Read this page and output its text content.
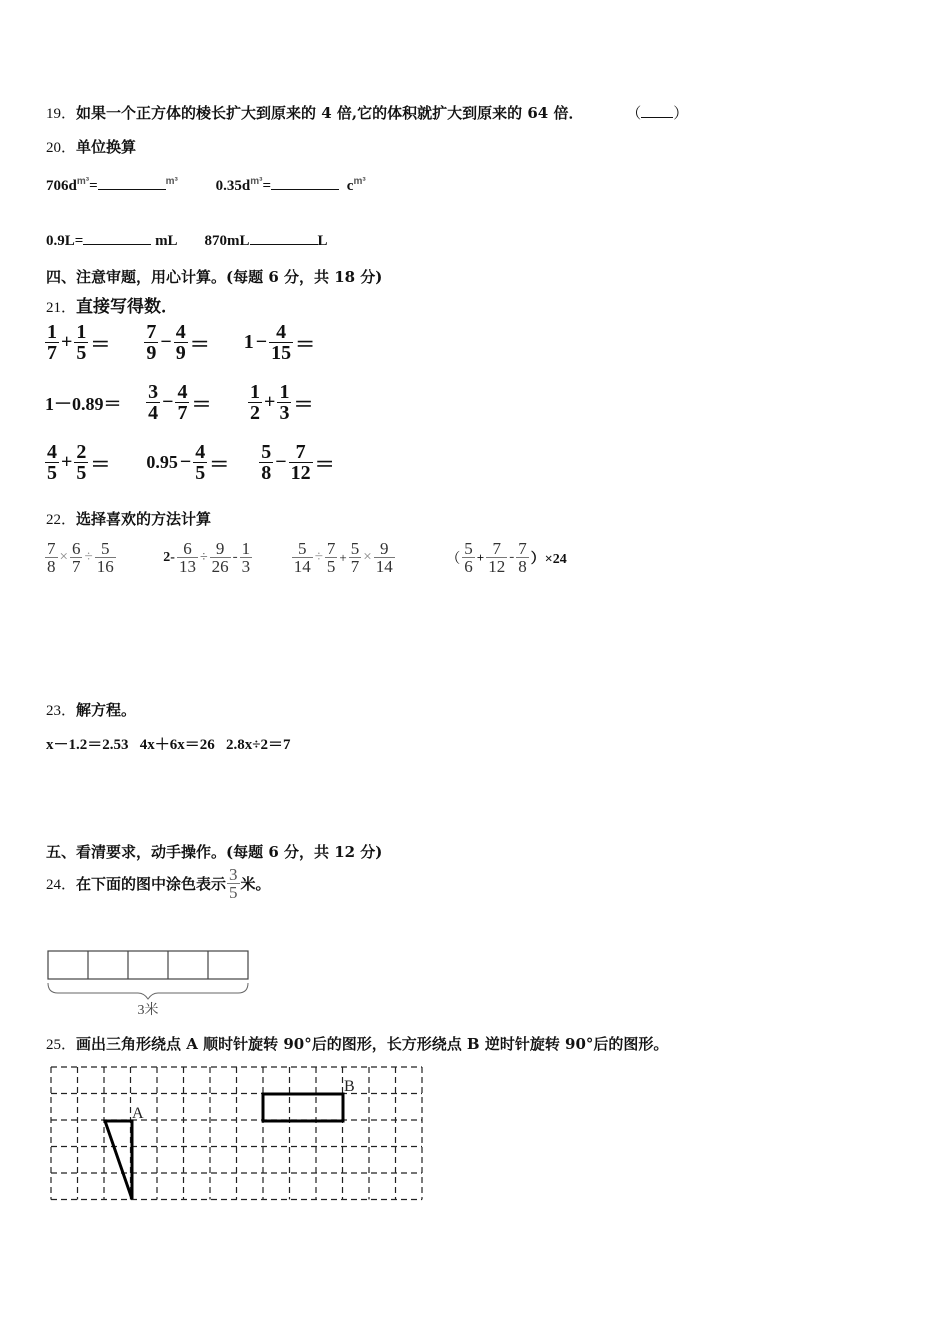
19．如果一个正方体的棱长扩大到原来的 4 倍,它的体积就扩大到原来的 64 倍．	（ ）
20．单位换算
$706d^{m^3}=$	$^{m^3}$	$0.35d^{m^3}=$	$c^{m^3}$
0.9L=	mL 870mL	L
四、注意审题，用心计算。(每题 6 分，共 18 分)
21．直接写得数．
$\frac{1}{7} + \frac{1}{5} = \frac{7}{9} - \frac{4}{9} = 1 - \frac{4}{15}$ ＝
$1-0.89= \frac{3}{4} - \frac{4}{7} = \frac{1}{2} + \frac{1}{3}$ ＝
$\frac{4}{5} + \frac{2}{5} = 0.95 - \frac{4}{5} = \frac{5}{8} - \frac{7}{12}$ ＝
22．选择喜欢的方法计算
$\frac{7}{8} \times \frac{6}{7} \div \frac{5}{16}$	$2- \frac{6}{13} \div \frac{9}{26} - \frac{1}{3}$
$\frac{5}{14} \div \frac{7}{5} + \frac{5}{7} \times \frac{9}{14}$	（ $\frac{5}{6} + \frac{7}{12} - \frac{7}{8} )\times 24$
23．解方程。
x－1.2＝2.53   4x＋6x＝26   2.8x÷2＝7
五、看清要求，动手操作。(每题 6 分，共 12 分)
24．在下面的图中涂色表示 $\frac{3}{5}$ 米。
3米
25．画出三角形绕点 A 顺时针旋转 90°后的图形，长方形绕点 B 逆时针旋转 90°后的图形。
A
B
